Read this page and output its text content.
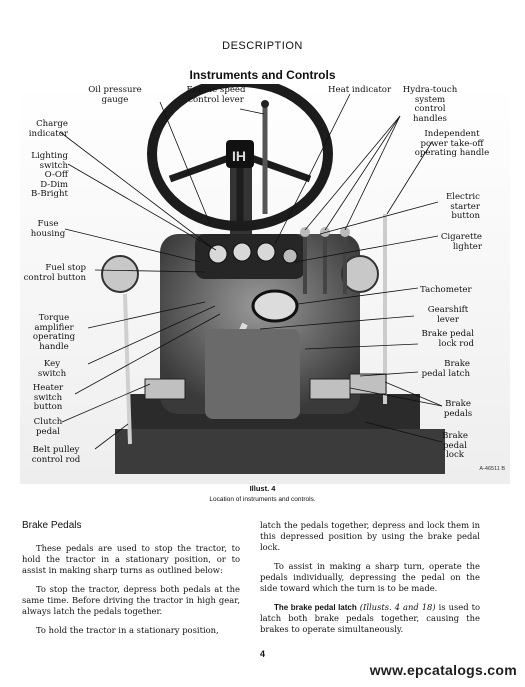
DESCRIPTION
Instruments and Controls
IH
Oil pressure gauge
Engine speed control lever
Heat indicator	Hydra-touch system control handles
Charge indicator	Independent power take-off operating handle
Lighting switch
O-Off
D-Dim
B-Bright	Electric starter button
Fuse housing	Cigarette lighter
Fuel stop control button
Tachometer
Gearshift lever
Torque amplifier operating handle
Brake pedal lock rod
Key switch
Brake pedal latch
Heater switch button
Clutch pedal
Brake pedals
Belt pulley control rod
Brake pedal lock
A-46511 B
Illust. 4
Location of instruments and controls.
Brake Pedals

These pedals are used to stop the tractor, to hold the tractor in a stationary position, or to assist in making sharp turns as outlined below:

To stop the tractor, depress both pedals at the same time. Before driving the tractor in high gear, always latch the pedals together.

To hold the tractor in a stationary position,

latch the pedals together, depress and lock them in this depressed position by using the brake pedal lock.

To assist in making a sharp turn, operate the pedals individually, depressing the pedal on the side toward which the turn is to be made.

The brake pedal latch (Illusts. 4 and 18) is used to latch both brake pedals together, causing the brakes to operate simultaneously.

4
www.epcatalogs.com
